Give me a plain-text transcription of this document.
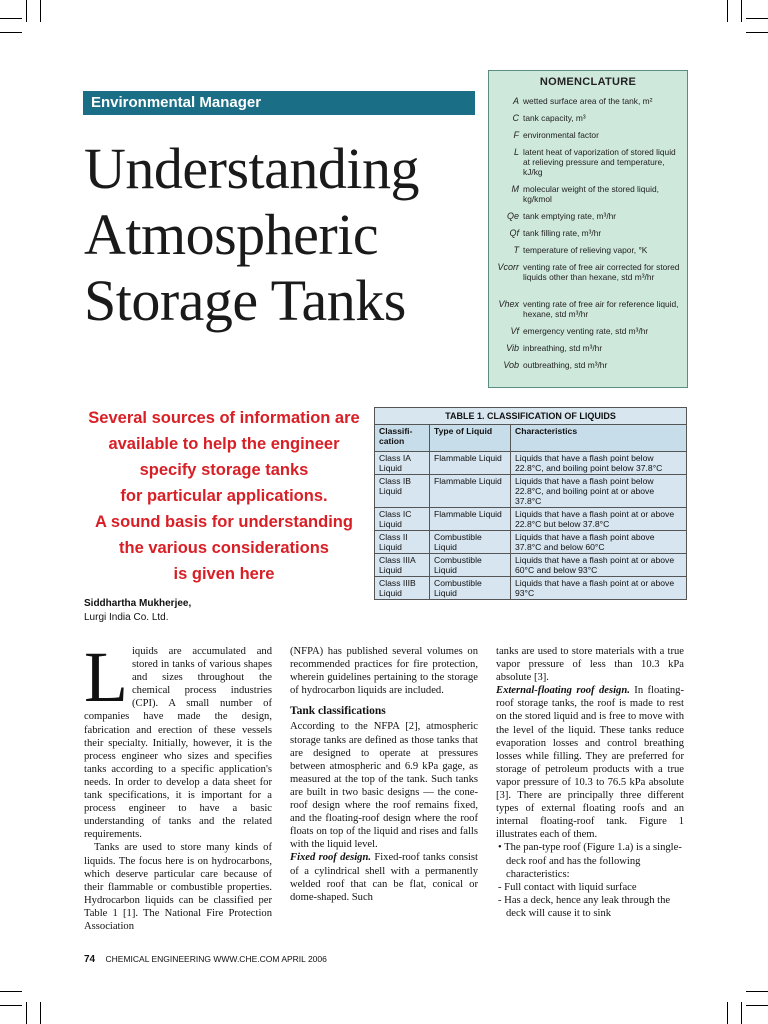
Environmental Manager
Understanding
Atmospheric
Storage Tanks
NOMENCLATURE
A wetted surface area of the tank, m²
C tank capacity, m³
F environmental factor
L latent heat of vaporization of stored liquid at relieving pressure and temperature, kJ/kg
M molecular weight of the stored liquid, kg/kmol
Qe tank emptying rate, m³/hr
Qf tank filling rate, m³/hr
T temperature of relieving vapor, °K
Vcorr venting rate of free air corrected for stored liquids other than hexane, std m³/hr
Vhex venting rate of free air for reference liquid, hexane, std m³/hr
Vf emergency venting rate, std m³/hr
Vib inbreathing, std m³/hr
Vob outbreathing, std m³/hr
Several sources of information are
available to help the engineer
specify storage tanks
for particular applications.
A sound basis for understanding
the various considerations
is given here
Siddhartha Mukherjee,
Lurgi India Co. Ltd.
TABLE 1. CLASSIFICATION OF LIQUIDS
Classifi-cation	Type of Liquid	Characteristics
Class IA Liquid	Flammable Liquid	Liquids that have a flash point below 22.8°C, and boiling point below 37.8°C
Class IB Liquid	Flammable Liquid	Liquids that have a flash point below 22.8°C, and boiling point at or above 37.8°C
Class IC Liquid	Flammable Liquid	Liquids that have a flash point at or above 22.8°C but below 37.8°C
Class II Liquid	Combustible Liquid	Liquids that have a flash point above 37.8°C and below 60°C
Class IIIA Liquid	Combustible Liquid	Liquids that have a flash point at or above 60°C and below 93°C
Class IIIB Liquid	Combustible Liquid	Liquids that have a flash point at or above 93°C

Liquids are accumulated and stored in tanks of various shapes and sizes throughout the chemical process industries (CPI). A small number of companies have made the design, fabrication and erection of these vessels their specialty. Initially, however, it is the process engineer who sizes and specifies tanks according to a specific application's needs. In order to develop a data sheet for tank specifications, it is important for a process engineer to have a basic understanding of tanks and the related requirements.

Tanks are used to store many kinds of liquids. The focus here is on hydrocarbons, which deserve particular care because of their flammable or combustible properties. Hydrocarbon liquids can be classified per Table 1 [1]. The National Fire Protection Association

(NFPA) has published several volumes on recommended practices for fire protection, wherein guidelines pertaining to the storage of hydrocarbon liquids are included.

Tank classifications

According to the NFPA [2], atmospheric storage tanks are defined as those tanks that are designed to operate at pressures between atmospheric and 6.9 kPa gage, as measured at the top of the tank. Such tanks are built in two basic designs — the cone-roof design where the roof remains fixed, and the floating-roof design where the roof floats on top of the liquid and rises and falls with the liquid level.

Fixed roof design. Fixed-roof tanks consist of a cylindrical shell with a permanently welded roof that can be flat, conical or dome-shaped. Such

tanks are used to store materials with a true vapor pressure of less than 10.3 kPa absolute [3].

External-floating roof design. In floating-roof storage tanks, the roof is made to rest on the stored liquid and is free to move with the level of the liquid. These tanks reduce evaporation losses and control breathing losses while filling. They are preferred for storage of petroleum products with a true vapor pressure of 10.3 to 76.5 kPa absolute [3]. There are principally three different types of external floating roofs and an internal floating-roof tank. Figure 1 illustrates each of them.

• The pan-type roof (Figure 1.a) is a single-deck roof and has the following characteristics:

- Full contact with liquid surface

- Has a deck, hence any leak through the deck will cause it to sink

74 CHEMICAL ENGINEERING WWW.CHE.COM APRIL 2006
